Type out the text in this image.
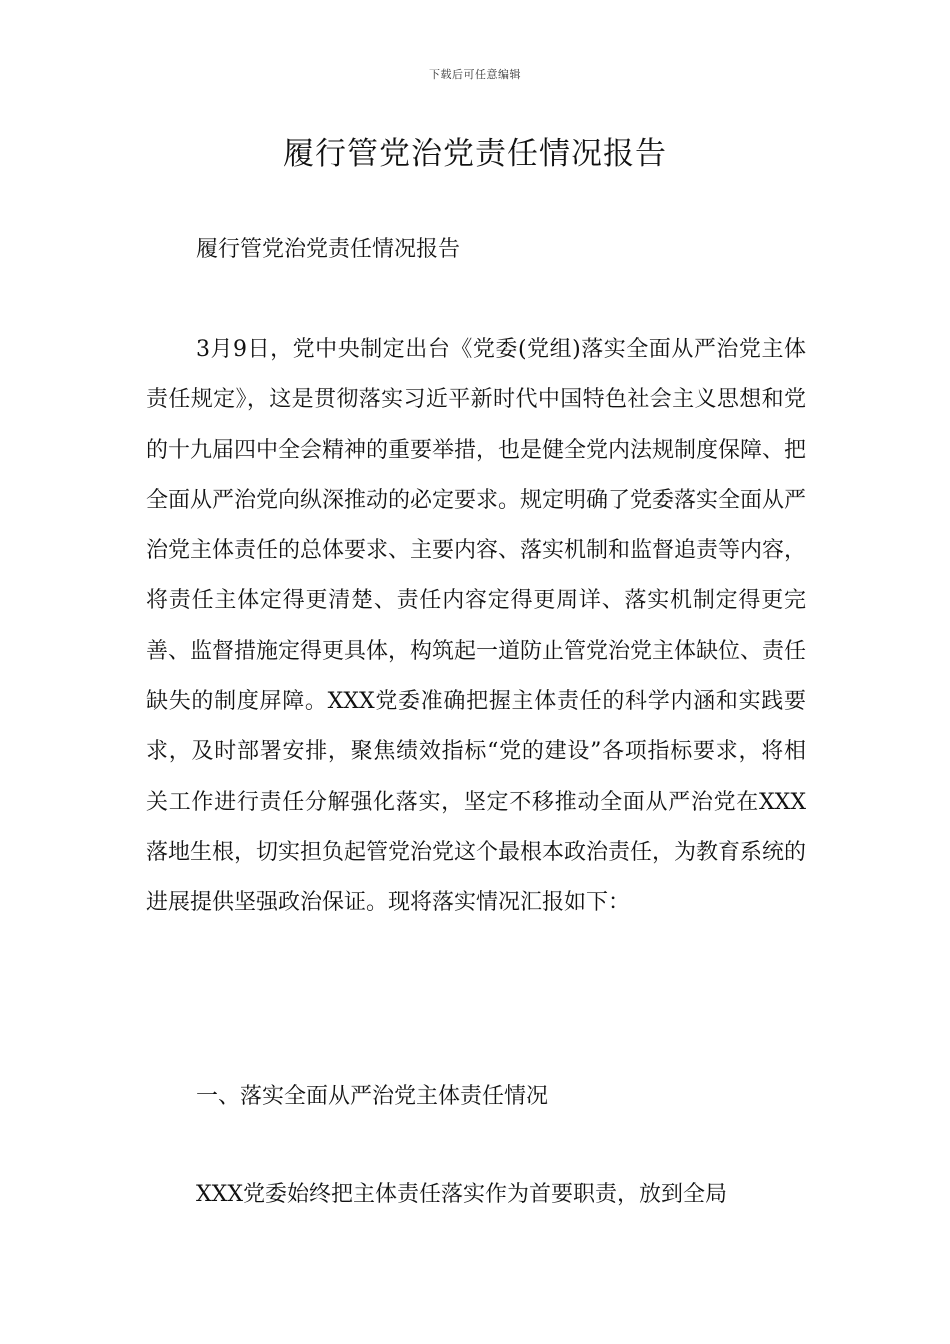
下载后可任意编辑
履行管党治党责任情况报告

履行管党治党责任情况报告

3月9日，党中央制定出台《党委(党组)落实全面从严治党主体责任规定》，这是贯彻落实习近平新时代中国特色社会主义思想和党的十九届四中全会精神的重要举措，也是健全党内法规制度保障、把全面从严治党向纵深推动的必定要求。规定明确了党委落实全面从严治党主体责任的总体要求、主要内容、落实机制和监督追责等内容，将责任主体定得更清楚、责任内容定得更周详、落实机制定得更完善、监督措施定得更具体，构筑起一道防止管党治党主体缺位、责任缺失的制度屏障。XXX党委准确把握主体责任的科学内涵和实践要求，及时部署安排，聚焦绩效指标“党的建设”各项指标要求，将相关工作进行责任分解强化落实，坚定不移推动全面从严治党在XXX落地生根，切实担负起管党治党这个最根本政治责任，为教育系统的进展提供坚强政治保证。现将落实情况汇报如下：

一、落实全面从严治党主体责任情况

XXX党委始终把主体责任落实作为首要职责，放到全局
